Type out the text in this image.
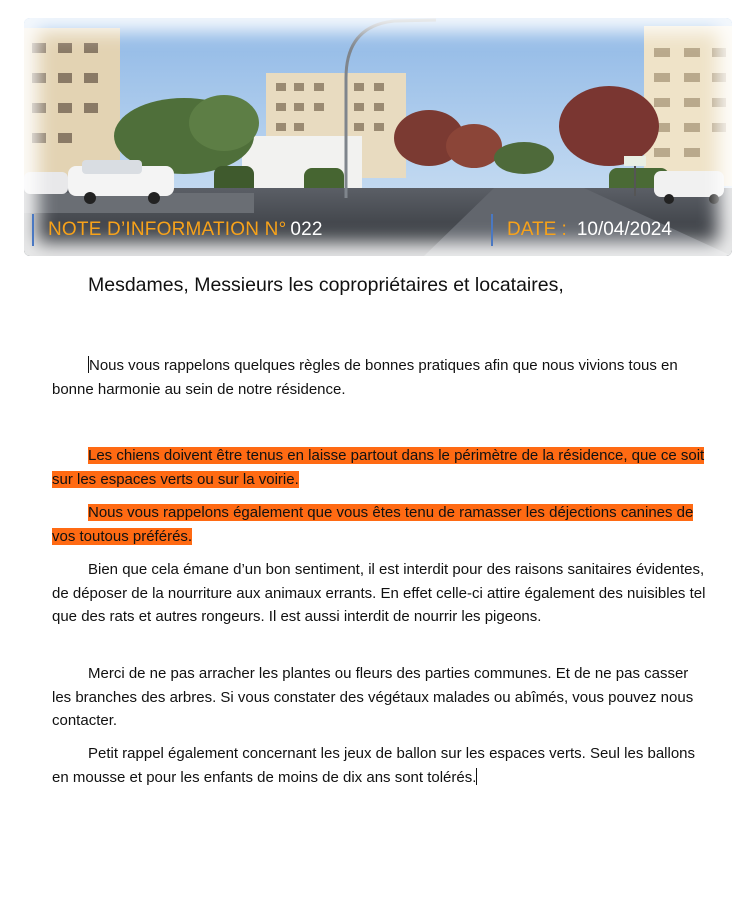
NOTE D’INFORMATION N° 022	DATE : 10/04/2024
Mesdames, Messieurs les copropriétaires et locataires,
Nous vous rappelons quelques règles de bonnes pratiques afin que nous vivions tous en bonne harmonie au sein de notre résidence.
Les chiens doivent être tenus en laisse partout dans le périmètre de la résidence, que ce soit sur les espaces verts ou sur la voirie.
Nous vous rappelons également que vous êtes tenu de ramasser les déjections canines de vos toutous préférés.
Bien que cela émane d’un bon sentiment, il est interdit pour des raisons sanitaires évidentes, de déposer de la nourriture aux animaux errants. En effet celle-ci attire également des nuisibles tel que des rats et autres rongeurs. Il est aussi interdit de nourrir les pigeons.
Merci de ne pas arracher les plantes ou fleurs des parties communes. Et de ne pas casser les branches des arbres. Si vous constater des végétaux malades ou abîmés, vous pouvez nous contacter.
Petit rappel également concernant les jeux de ballon sur les espaces verts. Seul les ballons en mousse et pour les enfants de moins de dix ans sont tolérés.
